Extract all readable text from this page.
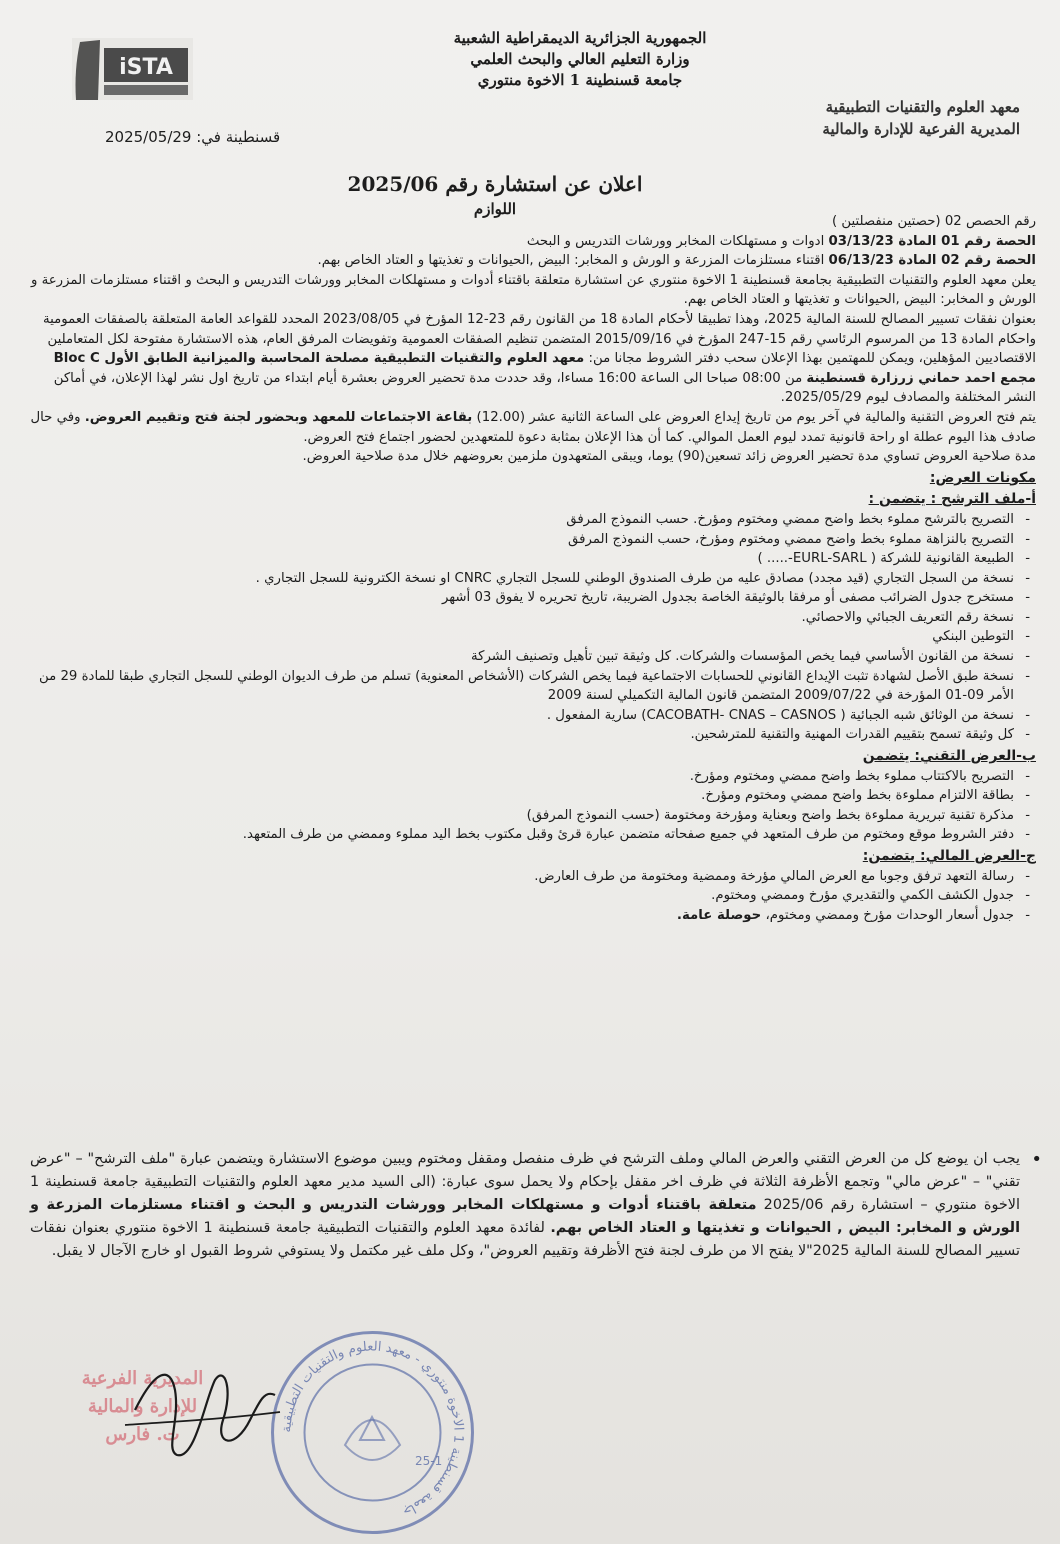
iSTA
الجمهورية الجزائرية الديمقراطية الشعبية
وزارة التعليم العالي والبحث العلمي
جامعة قسنطينة 1 الاخوة منتوري
معهد العلوم والتقنيات التطبيقية
المديرية الفرعية للإدارة والمالية
قسنطينة في: 2025/05/29
اعلان عن استشارة رقم 2025/06
اللوازم

رقم الحصص 02 (حصتين منفصلتين )

الحصة رقم 01 المادة 03/13/23 ادوات و مستهلكات المخابر وورشات التدريس و البحث

الحصة رقم 02 المادة 06/13/23 اقتناء مستلزمات المزرعة و الورش و المخابر: البيض ,الحيوانات و تغذيتها و العتاد الخاص بهم.

يعلن معهد العلوم والتقنيات التطبيقية بجامعة قسنطينة 1 الاخوة منتوري عن استشارة متعلقة باقتناء أدوات و مستهلكات المخابر وورشات التدريس و البحث و اقتناء مستلزمات المزرعة و الورش و المخابر: البيض ,الحيوانات و تغذيتها و العتاد الخاص بهم.

بعنوان نفقات تسيير المصالح للسنة المالية 2025، وهذا تطبيقا لأحكام المادة 18 من القانون رقم 23-12 المؤرخ في 2023/08/05 المحدد للقواعد العامة المتعلقة بالصفقات العمومية واحكام المادة 13 من المرسوم الرئاسي رقم 15-247 المؤرخ في 2015/09/16 المتضمن تنظيم الصفقات العمومية وتفويضات المرفق العام، هذه الاستشارة مفتوحة لكل المتعاملين الاقتصاديين المؤهلين، ويمكن للمهتمين بهذا الإعلان سحب دفتر الشروط مجانا من: معهد العلوم والتقنيات التطبيقية مصلحة المحاسبة والميزانية الطابق الأول Bloc C مجمع احمد حماني زرزارة قسنطينة من 08:00 صباحا الى الساعة 16:00 مساءا، وقد حددت مدة تحضير العروض بعشرة أيام ابتداء من تاريخ اول نشر لهذا الإعلان، في أماكن النشر المختلفة والمصادف ليوم 2025/05/29.

يتم فتح العروض التقنية والمالية في آخر يوم من تاريخ إيداع العروض على الساعة الثانية عشر (12.00) بقاعة الاجتماعات للمعهد وبحضور لجنة فتح وتقييم العروض. وفي حال صادف هذا اليوم عطلة او راحة قانونية تمدد ليوم العمل الموالي. كما أن هذا الإعلان بمثابة دعوة للمتعهدين لحضور اجتماع فتح العروض.

مدة صلاحية العروض تساوي مدة تحضير العروض زائد تسعين(90) يوما، ويبقى المتعهدون ملزمين بعروضهم خلال مدة صلاحية العروض.

مكونات العرض:
أ-ملف الترشح : يتضمن :
- التصريح بالترشح مملوء بخط واضح ممضي ومختوم ومؤرخ. حسب النموذج المرفق
- التصريح بالنزاهة مملوء بخط واضح ممضي ومختوم ومؤرخ، حسب النموذج المرفق
- الطبيعة القانونية للشركة ( EURL-SARL-..... )
- نسخة من السجل التجاري (قيد مجدد) مصادق عليه من طرف الصندوق الوطني للسجل التجاري CNRC او نسخة الكترونية للسجل التجاري .
- مستخرج جدول الضرائب مصفى أو مرفقا بالوثيقة الخاصة بجدول الضريبة، تاريخ تحريره لا يفوق 03 أشهر
- نسخة رقم التعريف الجبائي والاحصائي.
- التوطين البنكي
- نسخة من القانون الأساسي فيما يخص المؤسسات والشركات. كل وثيقة تبين تأهيل وتصنيف الشركة
- نسخة طبق الأصل لشهادة تثبت الإيداع القانوني للحسابات الاجتماعية فيما يخص الشركات (الأشخاص المعنوية) تسلم من طرف الديوان الوطني للسجل التجاري طبقا للمادة 29 من الأمر 09-01 المؤرخة في 2009/07/22 المتضمن قانون المالية التكميلي لسنة 2009
- نسخة من الوثائق شبه الجبائية ( CACOBATH- CNAS – CASNOS) سارية المفعول .
- كل وثيقة تسمح بتقييم القدرات المهنية والتقنية للمترشحين.
ب-العرض التقني: يتضمن
- التصريح بالاكتتاب مملوء بخط واضح ممضي ومختوم ومؤرخ.
- بطاقة الالتزام مملوءة بخط واضح ممضي ومختوم ومؤرخ.
- مذكرة تقنية تبريرية مملوءة بخط واضح وبعناية ومؤرخة ومختومة (حسب النموذج المرفق)
- دفتر الشروط موقع ومختوم من طرف المتعهد في جميع صفحاته متضمن عبارة قرئ وقبل مكتوب بخط اليد مملوء وممضي من طرف المتعهد.
ج-العرض المالي: يتضمن:
- رسالة التعهد ترفق وجوبا مع العرض المالي مؤرخة وممضية ومختومة من طرف العارض.
- جدول الكشف الكمي والتقديري مؤرخ وممضي ومختوم.
- جدول أسعار الوحدات مؤرخ وممضي ومختوم، حوصلة عامة.
•
يجب ان يوضع كل من العرض التقني والعرض المالي وملف الترشح في ظرف منفصل ومقفل ومختوم ويبين موضوع الاستشارة ويتضمن عبارة "ملف الترشح" – "عرض تقني" – "عرض مالي" وتجمع الأظرفة الثلاثة في ظرف اخر مقفل بإحكام ولا يحمل سوى عبارة: (الى السيد مدير معهد العلوم والتقنيات التطبيقية جامعة قسنطينة 1 الاخوة منتوري – استشارة رقم 2025/06 متعلقة باقتناء أدوات و مستهلكات المخابر وورشات التدريس و البحث و اقتناء مستلزمات المزرعة و الورش و المخابر: البيض , الحيوانات و تغذيتها و العتاد الخاص بهم. لفائدة معهد العلوم والتقنيات التطبيقية جامعة قسنطينة 1 الاخوة منتوري بعنوان نفقات تسيير المصالح للسنة المالية 2025"لا يفتح الا من طرف لجنة فتح الأظرفة وتقييم العروض"، وكل ملف غير مكتمل ولا يستوفي شروط القبول او خارج الآجال لا يقبل.
المديرية الفرعية
للإدارة والمالية
ت. فارس	جامعة قسنطينة 1 الاخوة منتوري - معهد العلوم والتقنيات التطبيقية
25-1
